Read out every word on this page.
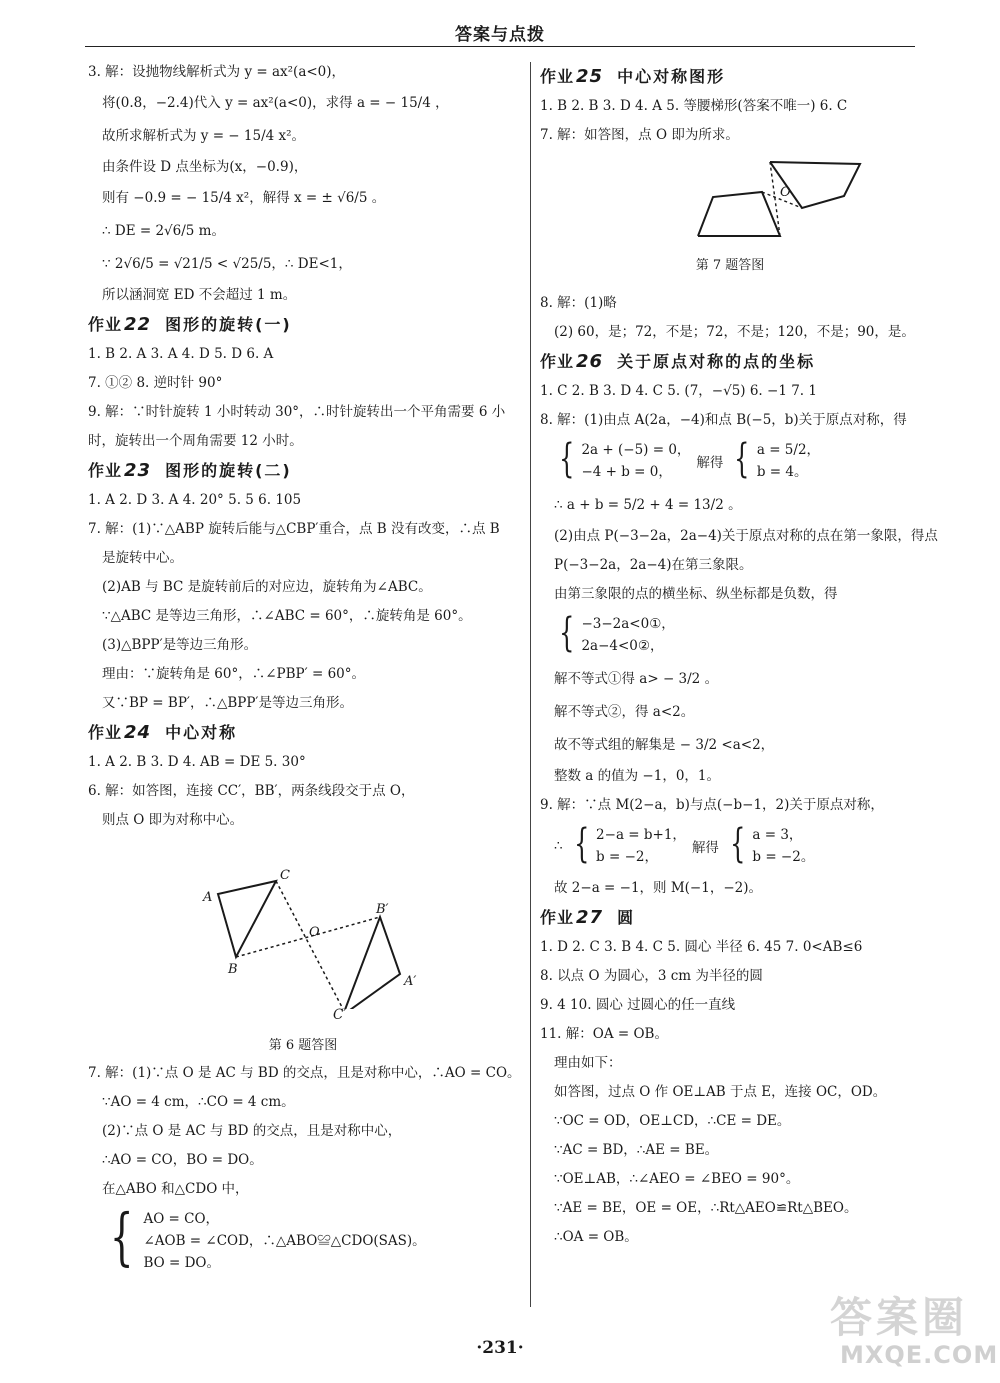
答案与点拨
3. 解：设抛物线解析式为 y = ax²(a<0)，
将(0.8，−2.4)代入 y = ax²(a<0)，求得 a = − 15/4 ，
故所求解析式为 y = − 15/4 x²。
由条件设 D 点坐标为(x，−0.9)，
则有 −0.9 = − 15/4 x²，解得 x = ± √6/5 。
∴ DE = 2√6/5 m。
∵ 2√6/5 = √21/5 < √25/5，∴ DE<1，
所以涵洞宽 ED 不会超过 1 m。
作业 22 图形的旋转(一)
1. B 2. A 3. A 4. D 5. D 6. A
7. ①② 8. 逆时针 90°
9. 解：∵时针旋转 1 小时转动 30°，∴时针旋转出一个平角需要 6 小
时，旋转出一个周角需要 12 小时。
作业 23 图形的旋转(二)
1. A 2. D 3. A 4. 20° 5. 5 6. 105
7. 解：(1)∵△ABP 旋转后能与△CBP′重合，点 B 没有改变，∴点 B
是旋转中心。
(2)AB 与 BC 是旋转前后的对应边，旋转角为∠ABC。
∵△ABC 是等边三角形，∴∠ABC = 60°，∴旋转角是 60°。
(3)△BPP′是等边三角形。
理由：∵旋转角是 60°，∴∠PBP′ = 60°。
又∵BP = BP′，∴△BPP′是等边三角形。
作业 24 中心对称
1. A 2. B 3. D 4. AB = DE 5. 30°
6. 解：如答图，连接 CC′，BB′，两条线段交于点 O，
则点 O 即为对称中心。
A
B
C
O
B′
A′
C′
第 6 题答图
7. 解：(1)∵点 O 是 AC 与 BD 的交点，且是对称中心，∴AO = CO。
∵AO = 4 cm，∴CO = 4 cm。
(2)∵点 O 是 AC 与 BD 的交点，且是对称中心，
∴AO = CO，BO = DO。
在△ABO 和△CDO 中，
{ AO = CO，
∠AOB = ∠COD，∴△ABO≌△CDO(SAS)。
BO = DO。
作业 25 中心对称图形
1. B 2. B 3. D 4. A 5. 等腰梯形(答案不唯一) 6. C
7. 解：如答图，点 O 即为所求。
O
第 7 题答图
8. 解：(1)略
(2) 60，是；72，不是；72，不是；120，不是；90，是。
作业 26 关于原点对称的点的坐标
1. C 2. B 3. D 4. C 5. (7，−√5) 6. −1 7. 1
8. 解：(1)由点 A(2a，−4)和点 B(−5，b)关于原点对称，得
{ 2a + (−5) = 0，
−4 + b = 0，
解得 { a = 5/2，
b = 4。
∴ a + b = 5/2 + 4 = 13/2 。
(2)由点 P(−3−2a，2a−4)关于原点对称的点在第一象限，得点
P(−3−2a，2a−4)在第三象限。
由第三象限的点的横坐标、纵坐标都是负数，得
{ −3−2a<0①，
2a−4<0②，
解不等式①得 a> − 3/2 。
解不等式②，得 a<2。
故不等式组的解集是 − 3/2 <a<2，
整数 a 的值为 −1，0，1。
9. 解：∵点 M(2−a，b)与点(−b−1，2)关于原点对称，
∴ { 2−a = b+1，
b = −2，
解得 { a = 3，
b = −2。
故 2−a = −1，则 M(−1，−2)。
作业 27 圆
1. D 2. C 3. B 4. C 5. 圆心 半径 6. 45 7. 0<AB≤6
8. 以点 O 为圆心，3 cm 为半径的圆
9. 4 10. 圆心 过圆心的任一直线
11. 解：OA = OB。
理由如下：
如答图，过点 O 作 OE⊥AB 于点 E，连接 OC，OD。
∵OC = OD，OE⊥CD，∴CE = DE。
∵AC = BD，∴AE = BE。
∵OE⊥AB，∴∠AEO = ∠BEO = 90°。
∵AE = BE，OE = OE，∴Rt△AEO≌Rt△BEO。
∴OA = OB。
·231·
答案圈
MXQE.COM
